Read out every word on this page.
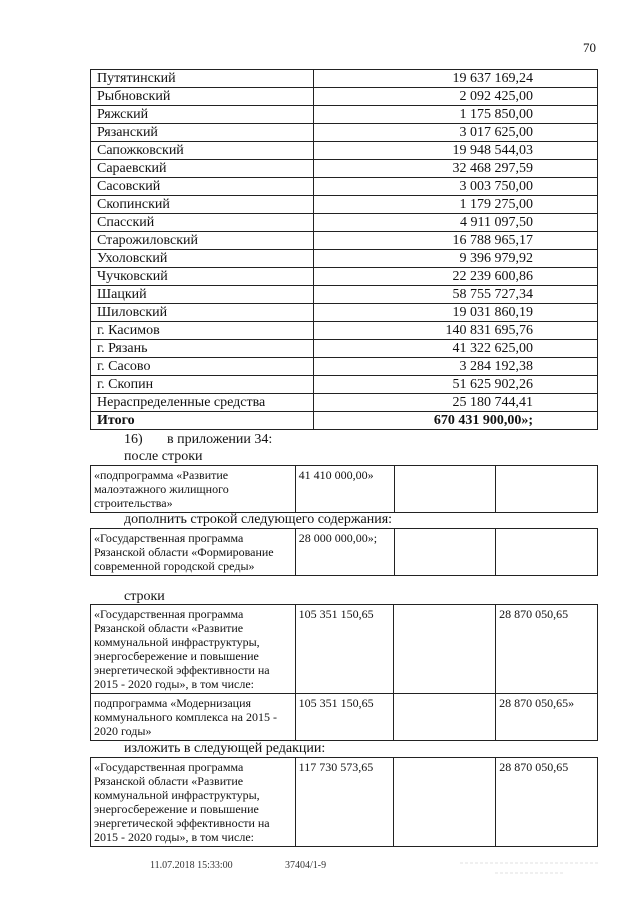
70
Путятинский	19 637 169,24
Рыбновский	2 092 425,00
Ряжский	1 175 850,00
Рязанский	3 017 625,00
Сапожковский	19 948 544,03
Сараевский	32 468 297,59
Сасовский	3 003 750,00
Скопинский	1 179 275,00
Спасский	4 911 097,50
Старожиловский	16 788 965,17
Ухоловский	9 396 979,92
Чучковский	22 239 600,86
Шацкий	58 755 727,34
Шиловский	19 031 860,19
г. Касимов	140 831 695,76
г. Рязань	41 322 625,00
г. Сасово	3 284 192,38
г. Скопин	51 625 902,26
Нераспределенные средства	25 180 744,41
Итого	670 431 900,00»;
16) в приложении 34:
после строки
«подпрограмма «Развитие малоэтажного жилищного строительства»	41 410 000,00»		
дополнить строкой следующего содержания:
«Государственная программа Рязанской области «Формирование современной городской среды»	28 000 000,00»;		
строки
«Государственная программа Рязанской области «Развитие коммунальной инфраструктуры, энергосбережение и повышение энергетической эффективности на 2015 - 2020 годы», в том числе:	105 351 150,65		28 870 050,65
подпрограмма «Модернизация коммунального комплекса на 2015 - 2020 годы»	105 351 150,65		28 870 050,65»
изложить в следующей редакции:
«Государственная программа Рязанской области «Развитие коммунальной инфраструктуры, энергосбережение и повышение энергетической эффективности на 2015 - 2020 годы», в том числе:	117 730 573,65		28 870 050,65
11.07.2018 15:33:00	37404/1-9
